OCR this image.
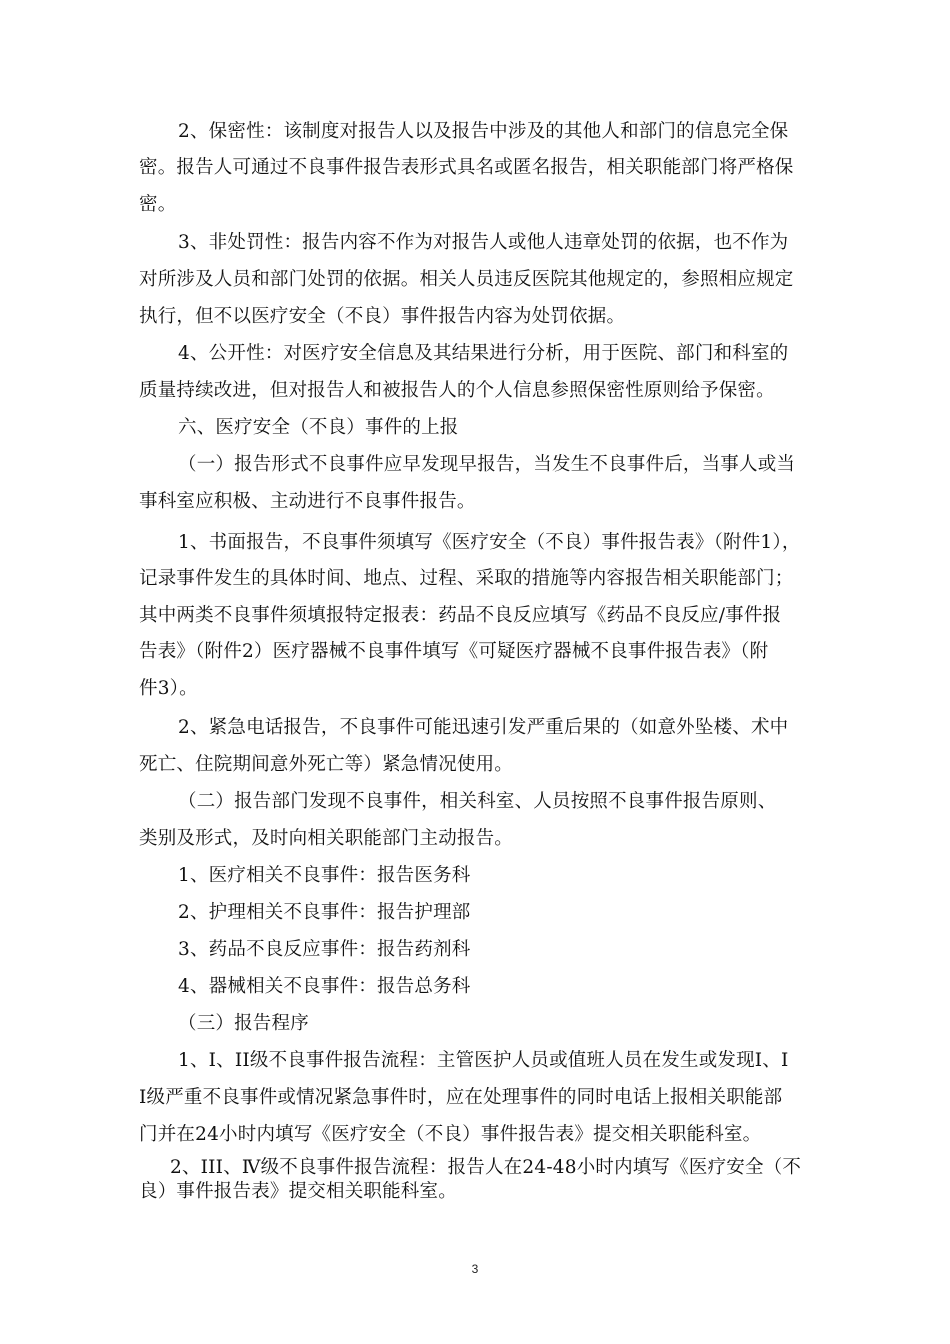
2、保密性：该制度对报告人以及报告中涉及的其他人和部门的信息完全保
密。报告人可通过不良事件报告表形式具名或匿名报告，相关职能部门将严格保
密。
3、非处罚性：报告内容不作为对报告人或他人违章处罚的依据，也不作为
对所涉及人员和部门处罚的依据。相关人员违反医院其他规定的，参照相应规定
执行，但不以医疗安全（不良）事件报告内容为处罚依据。
4、公开性：对医疗安全信息及其结果进行分析，用于医院、部门和科室的
质量持续改进，但对报告人和被报告人的个人信息参照保密性原则给予保密。
六、医疗安全（不良）事件的上报
（一）报告形式不良事件应早发现早报告，当发生不良事件后，当事人或当
事科室应积极、主动进行不良事件报告。
1、书面报告，不良事件须填写《医疗安全（不良）事件报告表》（附件1），
记录事件发生的具体时间、地点、过程、采取的措施等内容报告相关职能部门；
其中两类不良事件须填报特定报表：药品不良反应填写《药品不良反应/事件报
告表》（附件2）医疗器械不良事件填写《可疑医疗器械不良事件报告表》（附
件3）。
2、紧急电话报告，不良事件可能迅速引发严重后果的（如意外坠楼、术中
死亡、住院期间意外死亡等）紧急情况使用。
（二）报告部门发现不良事件，相关科室、人员按照不良事件报告原则、
类别及形式，及时向相关职能部门主动报告。
1、医疗相关不良事件：报告医务科
2、护理相关不良事件：报告护理部
3、药品不良反应事件：报告药剂科
4、器械相关不良事件：报告总务科
（三）报告程序
1、I、II级不良事件报告流程：主管医护人员或值班人员在发生或发现I、I
I级严重不良事件或情况紧急事件时，应在处理事件的同时电话上报相关职能部
门并在24小时内填写《医疗安全（不良）事件报告表》提交相关职能科室。
2、III、Ⅳ级不良事件报告流程：报告人在24-48小时内填写《医疗安全（不
良）事件报告表》提交相关职能科室。
3
